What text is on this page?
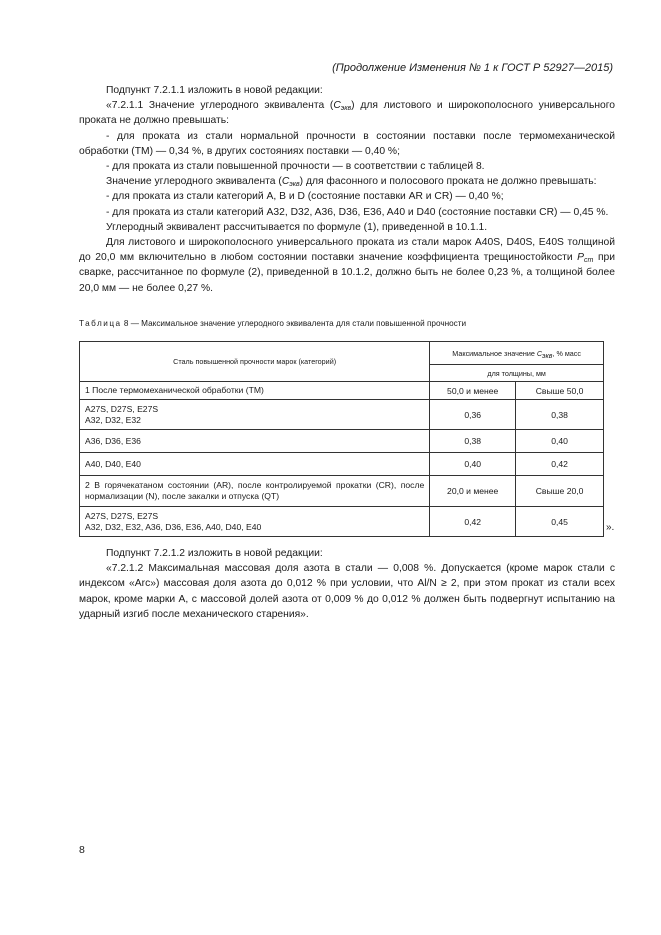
(Продолжение Изменения № 1 к ГОСТ Р 52927—2015)

Подпункт 7.2.1.1 изложить в новой редакции:

«7.2.1.1 Значение углеродного эквивалента $(C_{экв})$ для листового и широкополосного универсального проката не должно превышать:

- для проката из стали нормальной прочности в состоянии поставки после термомеханической обработки (ТМ) — 0,34 %, в других состояниях поставки — 0,40 %;

- для проката из стали повышенной прочности — в соответствии с таблицей 8.

Значение углеродного эквивалента $(C_{экв})$ для фасонного и полосового проката не должно превышать:

- для проката из стали категорий A, B и D (состояние поставки AR и CR) — 0,40 %;

- для проката из стали категорий A32, D32, A36, D36, E36, A40 и D40 (состояние поставки CR) — 0,45 %.

Углеродный эквивалент рассчитывается по формуле (1), приведенной в 10.1.1.

Для листового и широкополосного универсального проката из стали марок A40S, D40S, E40S толщиной до 20,0 мм включительно в любом состоянии поставки значение коэффициента трещиностойкости $P_{cm}$ при сварке, рассчитанное по формуле (2), приведенной в 10.1.2, должно быть не более 0,23 %, а толщиной более 20,0 мм — не более 0,27 %.

Таблица 8 — Максимальное значение углеродного эквивалента для стали повышенной прочности
Сталь повышенной прочности марок (категорий)	Максимальное значение $C_{экв}$, % масс	
	для толщины, мм	
1 После термомеханической обработки (ТМ)	50,0 и менее	Свыше 50,0
A27S, D27S, E27S
A32, D32, E32	0,36	0,38
A36, D36, E36	0,38	0,40
A40, D40, E40	0,40	0,42
2 В горячекатаном состоянии (AR), после контролируемой прокатки (CR), после нормализации (N), после закалки и отпуска (QT)	20,0 и менее	Свыше 20,0
A27S, D27S, E27S
A32, D32, E32, A36, D36, E36, A40, D40, E40	0,42	0,45
».

Подпункт 7.2.1.2 изложить в новой редакции:

«7.2.1.2 Максимальная массовая доля азота в стали — 0,008 %. Допускается (кроме марок стали с индексом «Arc») массовая доля азота до 0,012 % при условии, что Al/N ≥ 2, при этом прокат из стали всех марок, кроме марки A, с массовой долей азота от 0,009 % до 0,012 % должен быть подвергнут испытанию на ударный изгиб после механического старения».

8
